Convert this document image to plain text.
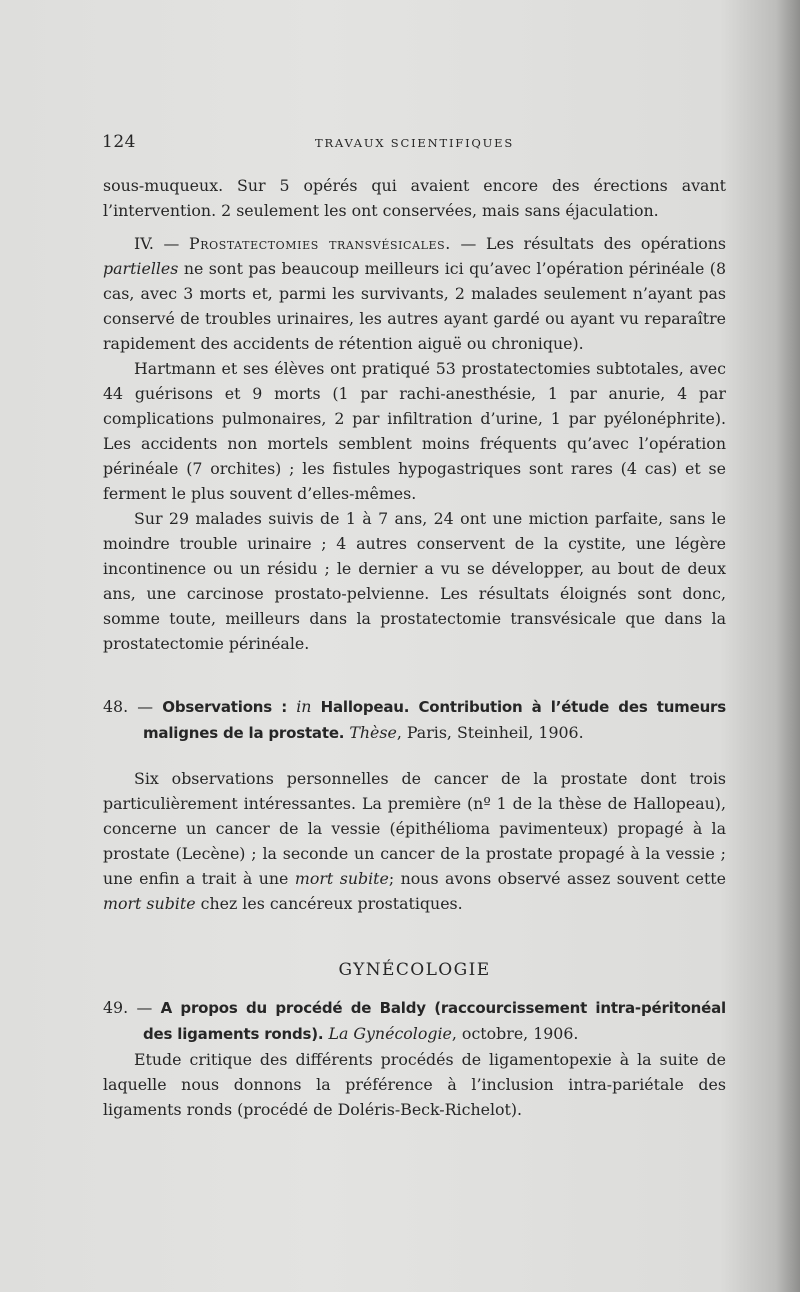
124	TRAVAUX SCIENTIFIQUES

sous-muqueux. Sur 5 opérés qui avaient encore des érections avant l’intervention. 2 seulement les ont conservées, mais sans éjaculation.

IV. — Prostatectomies transvésicales. — Les résultats des opérations partielles ne sont pas beaucoup meilleurs ici qu’avec l’opération périnéale (8 cas, avec 3 morts et, parmi les survivants, 2 malades seulement n’ayant pas conservé de troubles urinaires, les autres ayant gardé ou ayant vu reparaître rapidement des accidents de rétention aiguë ou chronique).

Hartmann et ses élèves ont pratiqué 53 prostatectomies subtotales, avec 44 guérisons et 9 morts (1 par rachi-anesthésie, 1 par anurie, 4 par complications pulmonaires, 2 par infiltration d’urine, 1 par pyélonéphrite). Les accidents non mortels semblent moins fréquents qu’avec l’opération périnéale (7 orchites) ; les fistules hypogastriques sont rares (4 cas) et se ferment le plus souvent d’elles-mêmes.

Sur 29 malades suivis de 1 à 7 ans, 24 ont une miction parfaite, sans le moindre trouble urinaire ; 4 autres conservent de la cystite, une légère incontinence ou un résidu ; le dernier a vu se développer, au bout de deux ans, une carcinose prostato-pelvienne. Les résultats éloignés sont donc, somme toute, meilleurs dans la prostatectomie transvésicale que dans la prostatectomie périnéale.

48. — Observations : in Hallopeau. Contribution à l’étude des tumeurs malignes de la prostate. Thèse, Paris, Steinheil, 1906.

Six observations personnelles de cancer de la prostate dont trois particulièrement intéressantes. La première (nº 1 de la thèse de Hallopeau), concerne un cancer de la vessie (épithélioma pavimenteux) propagé à la prostate (Lecène) ; la seconde un cancer de la prostate propagé à la vessie ; une enfin a trait à une mort subite; nous avons observé assez souvent cette mort subite chez les cancéreux prostatiques.

GYNÉCOLOGIE

49. — A propos du procédé de Baldy (raccourcissement intra-péritonéal des ligaments ronds). La Gynécologie, octobre, 1906.

Etude critique des différents procédés de ligamentopexie à la suite de laquelle nous donnons la préférence à l’inclusion intra-pariétale des ligaments ronds (procédé de Doléris-Beck-Richelot).
